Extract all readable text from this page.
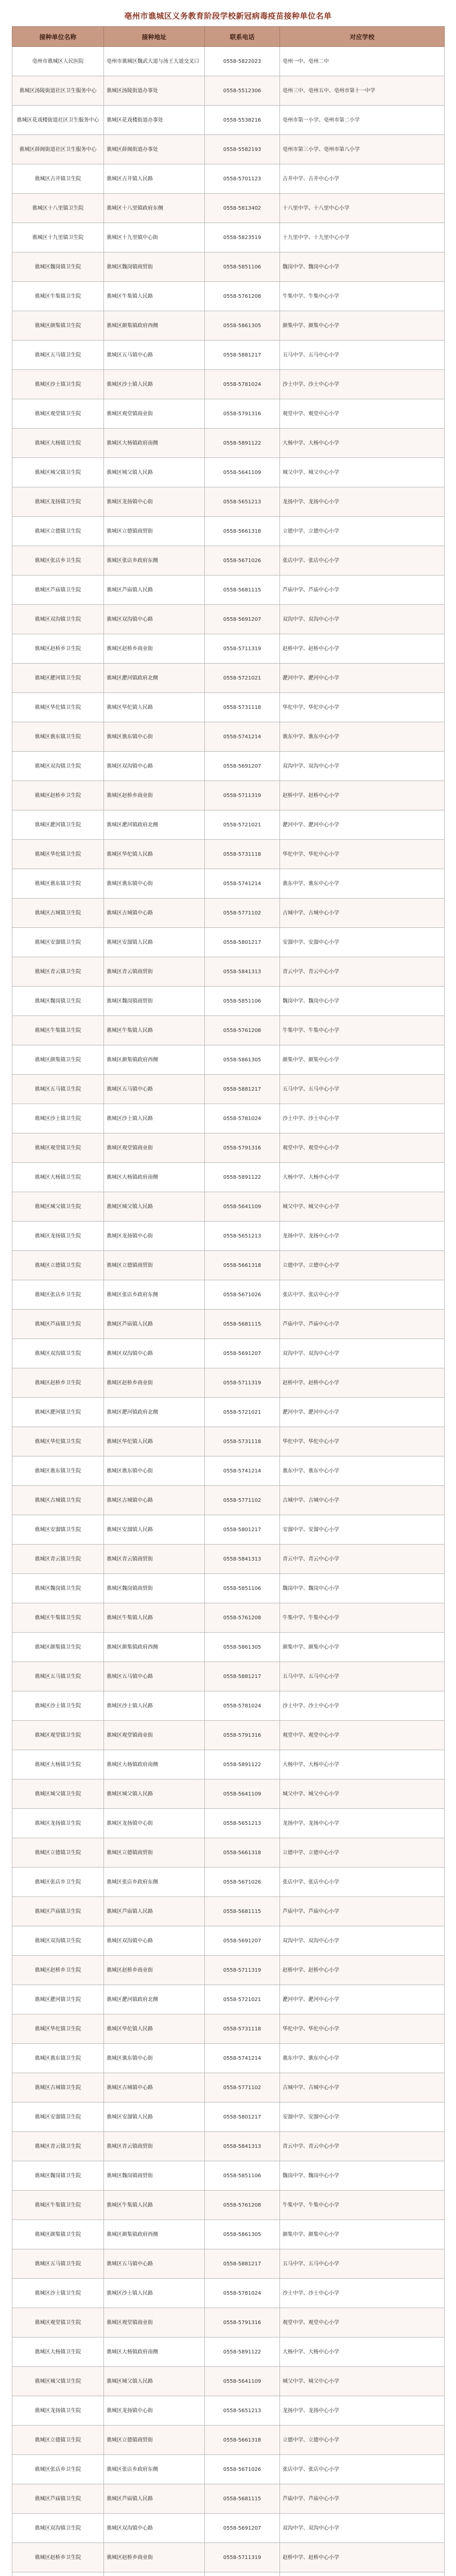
亳州市谯城区义务教育阶段学校新冠病毒疫苗接种单位名单
接种单位名称	接种地址	联系电话	对应学校
亳州市谯城区人民医院	亳州市谯城区魏武大道与汤王大道交叉口	0558-5822023	亳州一中、亳州二中
谯城区汤陵街道社区卫生服务中心	谯城区汤陵街道办事处	0558-5512306	亳州三中、亳州五中、亳州市第十一中学
谯城区花戏楼街道社区卫生服务中心	谯城区花戏楼街道办事处	0558-5538216	亳州市第一小学、亳州市第二小学
谯城区薛阁街道社区卫生服务中心	谯城区薛阁街道办事处	0558-5582193	亳州市第三小学、亳州市第八小学
谯城区古井镇卫生院	谯城区古井镇人民路	0558-5701123	古井中学、古井中心小学
谯城区十八里镇卫生院	谯城区十八里镇政府东侧	0558-5813402	十八里中学、十八里中心小学
谯城区十九里镇卫生院	谯城区十九里镇中心街	0558-5823519	十九里中学、十九里中心小学
谯城区魏岗镇卫生院	谯城区魏岗镇商贸街	0558-5851106	魏岗中学、魏岗中心小学
谯城区牛集镇卫生院	谯城区牛集镇人民路	0558-5761208	牛集中学、牛集中心小学
谯城区颜集镇卫生院	谯城区颜集镇政府西侧	0558-5861305	颜集中学、颜集中心小学
谯城区五马镇卫生院	谯城区五马镇中心路	0558-5881217	五马中学、五马中心小学
谯城区沙土镇卫生院	谯城区沙土镇人民路	0558-5781024	沙土中学、沙土中心小学
谯城区观堂镇卫生院	谯城区观堂镇商业街	0558-5791316	观堂中学、观堂中心小学
谯城区大杨镇卫生院	谯城区大杨镇政府南侧	0558-5891122	大杨中学、大杨中心小学
谯城区城父镇卫生院	谯城区城父镇人民路	0558-5641109	城父中学、城父中心小学
谯城区龙扬镇卫生院	谯城区龙扬镇中心街	0558-5651213	龙扬中学、龙扬中心小学
谯城区立德镇卫生院	谯城区立德镇商贸街	0558-5661318	立德中学、立德中心小学
谯城区张店乡卫生院	谯城区张店乡政府东侧	0558-5671026	张店中学、张店中心小学
谯城区芦庙镇卫生院	谯城区芦庙镇人民路	0558-5681115	芦庙中学、芦庙中心小学
谯城区双沟镇卫生院	谯城区双沟镇中心路	0558-5691207	双沟中学、双沟中心小学
谯城区赵桥乡卫生院	谯城区赵桥乡商业街	0558-5711319	赵桥中学、赵桥中心小学
谯城区淝河镇卫生院	谯城区淝河镇政府北侧	0558-5721021	淝河中学、淝河中心小学
谯城区华佗镇卫生院	谯城区华佗镇人民路	0558-5731118	华佗中学、华佗中心小学
谯城区谯东镇卫生院	谯城区谯东镇中心街	0558-5741214	谯东中学、谯东中心小学
谯城区双沟镇卫生院	谯城区双沟镇中心路	0558-5691207	双沟中学、双沟中心小学
谯城区赵桥乡卫生院	谯城区赵桥乡商业街	0558-5711319	赵桥中学、赵桥中心小学
谯城区淝河镇卫生院	谯城区淝河镇政府北侧	0558-5721021	淝河中学、淝河中心小学
谯城区华佗镇卫生院	谯城区华佗镇人民路	0558-5731118	华佗中学、华佗中心小学
谯城区谯东镇卫生院	谯城区谯东镇中心街	0558-5741214	谯东中学、谯东中心小学
谯城区古城镇卫生院	谯城区古城镇中心路	0558-5771102	古城中学、古城中心小学
谯城区安溜镇卫生院	谯城区安溜镇人民路	0558-5801217	安溜中学、安溜中心小学
谯城区青云镇卫生院	谯城区青云镇商贸街	0558-5841313	青云中学、青云中心小学
谯城区魏岗镇卫生院	谯城区魏岗镇商贸街	0558-5851106	魏岗中学、魏岗中心小学
谯城区牛集镇卫生院	谯城区牛集镇人民路	0558-5761208	牛集中学、牛集中心小学
谯城区颜集镇卫生院	谯城区颜集镇政府西侧	0558-5861305	颜集中学、颜集中心小学
谯城区五马镇卫生院	谯城区五马镇中心路	0558-5881217	五马中学、五马中心小学
谯城区沙土镇卫生院	谯城区沙土镇人民路	0558-5781024	沙土中学、沙土中心小学
谯城区观堂镇卫生院	谯城区观堂镇商业街	0558-5791316	观堂中学、观堂中心小学
谯城区大杨镇卫生院	谯城区大杨镇政府南侧	0558-5891122	大杨中学、大杨中心小学
谯城区城父镇卫生院	谯城区城父镇人民路	0558-5641109	城父中学、城父中心小学
谯城区龙扬镇卫生院	谯城区龙扬镇中心街	0558-5651213	龙扬中学、龙扬中心小学
谯城区立德镇卫生院	谯城区立德镇商贸街	0558-5661318	立德中学、立德中心小学
谯城区张店乡卫生院	谯城区张店乡政府东侧	0558-5671026	张店中学、张店中心小学
谯城区芦庙镇卫生院	谯城区芦庙镇人民路	0558-5681115	芦庙中学、芦庙中心小学
谯城区双沟镇卫生院	谯城区双沟镇中心路	0558-5691207	双沟中学、双沟中心小学
谯城区赵桥乡卫生院	谯城区赵桥乡商业街	0558-5711319	赵桥中学、赵桥中心小学
谯城区淝河镇卫生院	谯城区淝河镇政府北侧	0558-5721021	淝河中学、淝河中心小学
谯城区华佗镇卫生院	谯城区华佗镇人民路	0558-5731118	华佗中学、华佗中心小学
谯城区谯东镇卫生院	谯城区谯东镇中心街	0558-5741214	谯东中学、谯东中心小学
谯城区古城镇卫生院	谯城区古城镇中心路	0558-5771102	古城中学、古城中心小学
谯城区安溜镇卫生院	谯城区安溜镇人民路	0558-5801217	安溜中学、安溜中心小学
谯城区青云镇卫生院	谯城区青云镇商贸街	0558-5841313	青云中学、青云中心小学
谯城区魏岗镇卫生院	谯城区魏岗镇商贸街	0558-5851106	魏岗中学、魏岗中心小学
谯城区牛集镇卫生院	谯城区牛集镇人民路	0558-5761208	牛集中学、牛集中心小学
谯城区颜集镇卫生院	谯城区颜集镇政府西侧	0558-5861305	颜集中学、颜集中心小学
谯城区五马镇卫生院	谯城区五马镇中心路	0558-5881217	五马中学、五马中心小学
谯城区沙土镇卫生院	谯城区沙土镇人民路	0558-5781024	沙土中学、沙土中心小学
谯城区观堂镇卫生院	谯城区观堂镇商业街	0558-5791316	观堂中学、观堂中心小学
谯城区大杨镇卫生院	谯城区大杨镇政府南侧	0558-5891122	大杨中学、大杨中心小学
谯城区城父镇卫生院	谯城区城父镇人民路	0558-5641109	城父中学、城父中心小学
谯城区龙扬镇卫生院	谯城区龙扬镇中心街	0558-5651213	龙扬中学、龙扬中心小学
谯城区立德镇卫生院	谯城区立德镇商贸街	0558-5661318	立德中学、立德中心小学
谯城区张店乡卫生院	谯城区张店乡政府东侧	0558-5671026	张店中学、张店中心小学
谯城区芦庙镇卫生院	谯城区芦庙镇人民路	0558-5681115	芦庙中学、芦庙中心小学
谯城区双沟镇卫生院	谯城区双沟镇中心路	0558-5691207	双沟中学、双沟中心小学
谯城区赵桥乡卫生院	谯城区赵桥乡商业街	0558-5711319	赵桥中学、赵桥中心小学
谯城区淝河镇卫生院	谯城区淝河镇政府北侧	0558-5721021	淝河中学、淝河中心小学
谯城区华佗镇卫生院	谯城区华佗镇人民路	0558-5731118	华佗中学、华佗中心小学
谯城区谯东镇卫生院	谯城区谯东镇中心街	0558-5741214	谯东中学、谯东中心小学
谯城区古城镇卫生院	谯城区古城镇中心路	0558-5771102	古城中学、古城中心小学
谯城区安溜镇卫生院	谯城区安溜镇人民路	0558-5801217	安溜中学、安溜中心小学
谯城区青云镇卫生院	谯城区青云镇商贸街	0558-5841313	青云中学、青云中心小学
谯城区魏岗镇卫生院	谯城区魏岗镇商贸街	0558-5851106	魏岗中学、魏岗中心小学
谯城区牛集镇卫生院	谯城区牛集镇人民路	0558-5761208	牛集中学、牛集中心小学
谯城区颜集镇卫生院	谯城区颜集镇政府西侧	0558-5861305	颜集中学、颜集中心小学
谯城区五马镇卫生院	谯城区五马镇中心路	0558-5881217	五马中学、五马中心小学
谯城区沙土镇卫生院	谯城区沙土镇人民路	0558-5781024	沙土中学、沙土中心小学
谯城区观堂镇卫生院	谯城区观堂镇商业街	0558-5791316	观堂中学、观堂中心小学
谯城区大杨镇卫生院	谯城区大杨镇政府南侧	0558-5891122	大杨中学、大杨中心小学
谯城区城父镇卫生院	谯城区城父镇人民路	0558-5641109	城父中学、城父中心小学
谯城区龙扬镇卫生院	谯城区龙扬镇中心街	0558-5651213	龙扬中学、龙扬中心小学
谯城区立德镇卫生院	谯城区立德镇商贸街	0558-5661318	立德中学、立德中心小学
谯城区张店乡卫生院	谯城区张店乡政府东侧	0558-5671026	张店中学、张店中心小学
谯城区芦庙镇卫生院	谯城区芦庙镇人民路	0558-5681115	芦庙中学、芦庙中心小学
谯城区双沟镇卫生院	谯城区双沟镇中心路	0558-5691207	双沟中学、双沟中心小学
谯城区赵桥乡卫生院	谯城区赵桥乡商业街	0558-5711319	赵桥中学、赵桥中心小学
